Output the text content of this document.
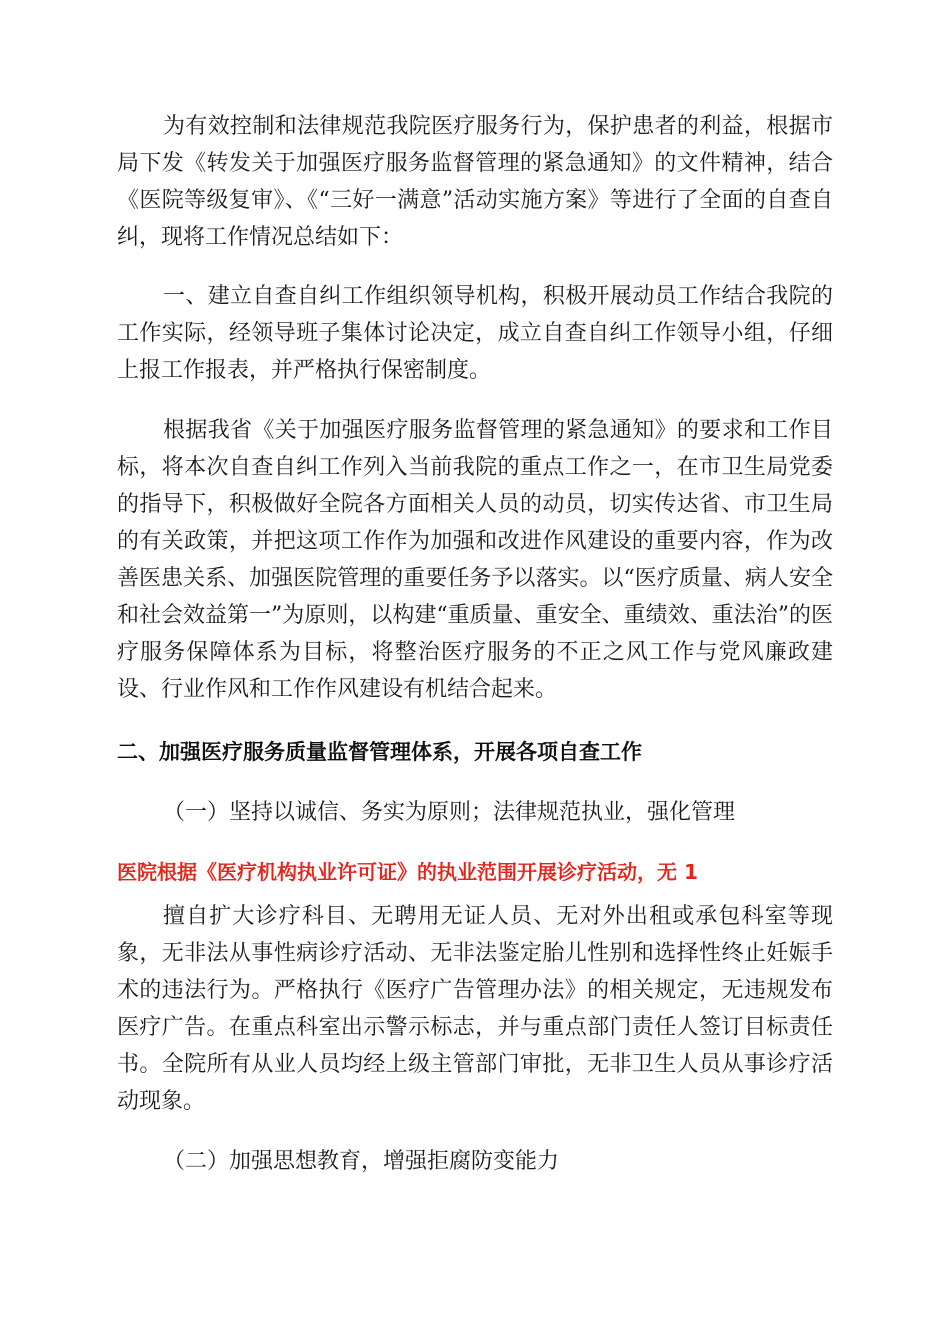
为有效控制和法律规范我院医疗服务行为，保护患者的利益，根据市局下发《转发关于加强医疗服务监督管理的紧急通知》的文件精神，结合《医院等级复审》、《“三好一满意”活动实施方案》等进行了全面的自查自纠，现将工作情况总结如下：

一、建立自查自纠工作组织领导机构，积极开展动员工作结合我院的工作实际，经领导班子集体讨论决定，成立自查自纠工作领导小组，仔细上报工作报表，并严格执行保密制度。

根据我省《关于加强医疗服务监督管理的紧急通知》的要求和工作目标，将本次自查自纠工作列入当前我院的重点工作之一，在市卫生局党委的指导下，积极做好全院各方面相关人员的动员，切实传达省、市卫生局的有关政策，并把这项工作作为加强和改进作风建设的重要内容，作为改善医患关系、加强医院管理的重要任务予以落实。以“医疗质量、病人安全和社会效益第一”为原则，以构建“重质量、重安全、重绩效、重法治”的医疗服务保障体系为目标，将整治医疗服务的不正之风工作与党风廉政建设、行业作风和工作作风建设有机结合起来。

二、加强医疗服务质量监督管理体系，开展各项自查工作

（一）坚持以诚信、务实为原则；法律规范执业，强化管理

医院根据《医疗机构执业许可证》的执业范围开展诊疗活动，无 1

擅自扩大诊疗科目、无聘用无证人员、无对外出租或承包科室等现象，无非法从事性病诊疗活动、无非法鉴定胎儿性别和选择性终止妊娠手术的违法行为。严格执行《医疗广告管理办法》的相关规定，无违规发布医疗广告。在重点科室出示警示标志，并与重点部门责任人签订目标责任书。全院所有从业人员均经上级主管部门审批，无非卫生人员从事诊疗活动现象。

（二）加强思想教育，增强拒腐防变能力
